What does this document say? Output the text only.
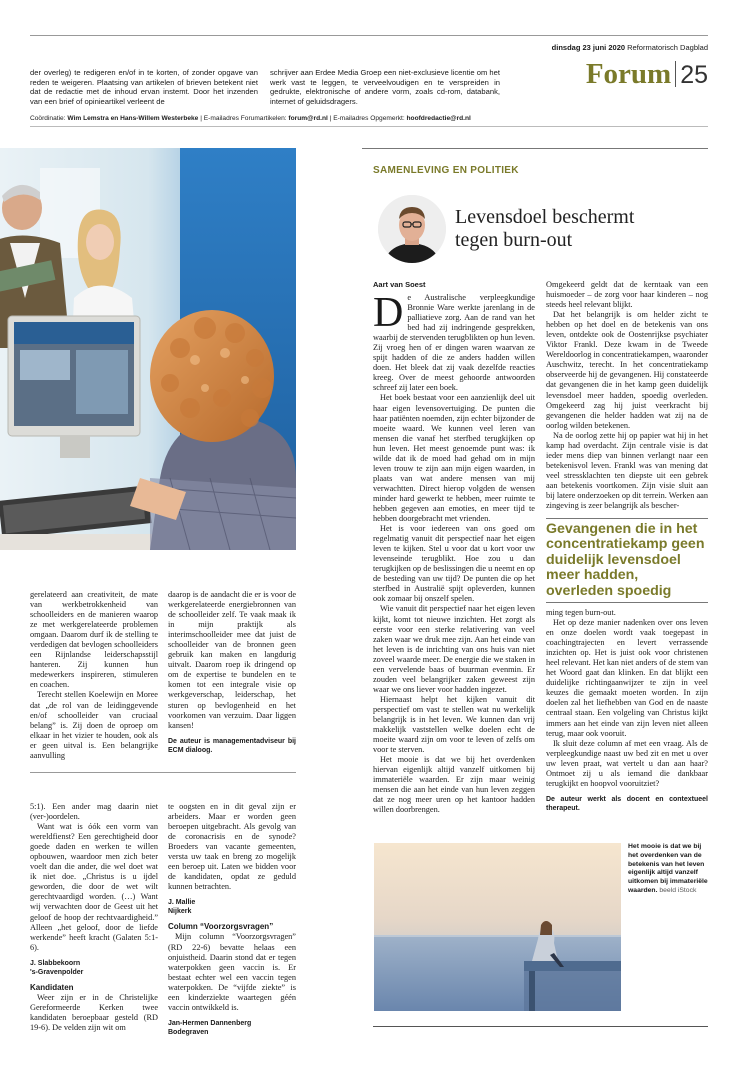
dinsdag 23 juni 2020 Reformatorisch Dagblad
Forum 25

der overleg) te redigeren en/of in te korten, of zonder opgave van reden te weigeren. Plaatsing van artikelen of brieven betekent niet dat de redactie met de inhoud ervan instemt. Door het inzenden van een brief of opinieartikel verleent de

schrijver aan Erdee Media Groep een niet-exclusieve licentie om het werk vast te leggen, te verveelvoudigen en te verspreiden in gedrukte, elektronische of andere vorm, zoals cd-rom, databank, internet of geluidsdragers.

Coördinatie: Wim Lemstra en Hans-Willem Westerbeke | E-mailadres Forumartikelen: forum@rd.nl | E-mailadres Opgemerkt: hoofdredactie@rd.nl

gerelateerd aan creativiteit, de mate van werkbetrokkenheid van schoolleiders en de manieren waarop ze met werkgerelateerde problemen omgaan. Daarom durf ik de stelling te verdedigen dat bevlogen schoolleiders een Rijnlandse leiderschapsstijl hanteren. Zij kunnen hun medewerkers inspireren, stimuleren en coachen.

Terecht stellen Koelewijn en Moree dat „de rol van de leidinggevende en/of schoolleider van cruciaal belang” is. Zij doen de oproep om elkaar in het vizier te houden, ook als er geen uitval is. Een belangrijke aanvulling

daarop is de aandacht die er is voor de werkgerelateerde energiebronnen van de schoolleider zelf. Te vaak maak ik in mijn praktijk als interimschoolleider mee dat juist de schoolleider van de bronnen geen gebruik kan maken en langdurig uitvalt. Daarom roep ik dringend op om de expertise te bundelen en te komen tot een integrale visie op werkgeverschap, leiderschap, het sturen op bevlogenheid en het voorkomen van verzuim. Daar liggen kansen!

De auteur is managementadviseur bij ECM dialoog.

5:1). Een ander mag daarin niet (ver-)oordelen.

Want wat is óók een vorm van wereldfienst? Een gerechtigheid door goede daden en werken te willen opbouwen, waardoor men zich beter voelt dan die ander, die wel doet wat ik niet doe. „Christus is u ijdel geworden, die door de wet wilt gerechtvaardigd worden. (…) Want wij verwachten door de Geest uit het geloof de hoop der rechtvaardigheid.” Alleen „het geloof, door de liefde werkende” heeft kracht (Galaten 5:1-6).

J. Slabbekoorn
's-Gravenpolder
Kandidaten

Weer zijn er in de Christelijke Gereformeerde Kerken twee kandidaten beroepbaar gesteld (RD 19-6). De velden zijn wit om

te oogsten en in dit geval zijn er arbeiders. Maar er worden geen beroepen uitgebracht. Als gevolg van de coronacrisis en de synode? Broeders van vacante gemeenten, versta uw taak en breng zo mogelijk een beroep uit. Laten we bidden voor de kandidaten, opdat ze geduld kunnen betrachten.

J. Mallie
Nijkerk
Column “Voorzorgsvragen”

Mijn column “Voorzorgsvragen” (RD 22-6) bevatte helaas een onjuistheid. Daarin stond dat er tegen waterpokken geen vaccin is. Er bestaat echter wel een vaccin tegen waterpokken. De “vijfde ziekte” is een kinderziekte waartegen géén vaccin ontwikkeld is.

Jan-Hermen Dannenberg
Bodegraven
SAMENLEVING EN POLITIEK
Levensdoel beschermt
tegen burn-out
Aart van Soest
D e Australische verpleegkundige Bronnie Ware werkte jarenlang in de palliatieve zorg. Aan de rand van het bed had zij indringende gesprekken, waarbij de stervenden terugblikten op hun leven. Zij vroeg hen of er dingen waren waarvan ze spijt hadden of die ze anders hadden willen doen. Het bleek dat zij vaak dezelfde reacties kreeg. Over de meest gehoorde antwoorden schreef zij later een boek.

Het boek bestaat voor een aanzienlijk deel uit haar eigen levensovertuiging. De punten die haar patiënten noemden, zijn echter bijzonder de moeite waard. We kunnen veel leren van mensen die vanaf het sterfbed terugkijken op hun leven. Het meest genoemde punt was: ik wilde dat ik de moed had gehad om in mijn leven trouw te zijn aan mijn eigen waarden, in plaats van wat andere mensen van mij verwachtten. Direct hierop volgden de wensen minder hard gewerkt te hebben, meer ruimte te hebben gegeven aan emoties, en meer tijd te hebben doorgebracht met vrienden.

Het is voor iedereen van ons goed om regelmatig vanuit dit perspectief naar het eigen leven te kijken. Stel u voor dat u kort voor uw levenseinde terugblikt. Hoe zou u dan terugkijken op de beslissingen die u neemt en op de besteding van uw tijd? De punten die op het sterfbed in Australië spijt opleverden, kunnen ook zomaar bij onszelf spelen.

Wie vanuit dit perspectief naar het eigen leven kijkt, komt tot nieuwe inzichten. Het zorgt als eerste voor een sterke relativering van veel zaken waar we druk mee zijn. Aan het einde van het leven is de inrichting van ons huis van niet zoveel waarde meer. De energie die we staken in een vervelende baas of buurman evenmin. Er zouden veel belangrijker zaken geweest zijn waar we ons liever voor hadden ingezet.

Hiernaast helpt het kijken vanuit dit perspectief om vast te stellen wat nu werkelijk belangrijk is in het leven. We kunnen dan vrij makkelijk vaststellen welke doelen echt de moeite waard zijn om voor te leven of zelfs om voor te sterven.

Het mooie is dat we bij het overdenken hiervan eigenlijk altijd vanzelf uitkomen bij immateriële waarden. Er zijn maar weinig mensen die aan het einde van hun leven zeggen dat ze nog meer uren op het kantoor hadden willen doorbrengen.

Omgekeerd geldt dat de kerntaak van een huismoeder – de zorg voor haar kinderen – nog steeds heel relevant blijkt.

Dat het belangrijk is om helder zicht te hebben op het doel en de betekenis van ons leven, ontdekte ook de Oostenrijkse psychiater Viktor Frankl. Deze kwam in de Tweede Wereldoorlog in concentratiekampen, waaronder Auschwitz, terecht. In het concentratiekamp observeerde hij de gevangenen. Hij constateerde dat gevangenen die in het kamp geen duidelijk levensdoel meer hadden, spoedig overleden. Omgekeerd zag hij juist veerkracht bij gevangenen die helder hadden wat zij na de oorlog wilden betekenen.

Na de oorlog zette hij op papier wat hij in het kamp had overdacht. Zijn centrale visie is dat ieder mens diep van binnen verlangt naar een betekenisvol leven. Frankl was van mening dat veel stressklachten ten diepste uit een gebrek aan betekenis voortkomen. Zijn visie sluit aan bij latere onderzoeken op dit terrein. Werken aan zingeving is zeer belangrijk als bescher-

Gevangenen die in het concentratiekamp geen duidelijk levensdoel meer hadden, overleden spoedig

ming tegen burn-out.

Het op deze manier nadenken over ons leven en onze doelen wordt vaak toegepast in coachingtrajecten en levert verrassende inzichten op. Het is juist ook voor christenen heel relevant. Het kan niet anders of de stem van het Woord gaat dan klinken. En dat blijkt een duidelijke richtingaanwijzer te zijn in veel keuzes die gemaakt moeten worden. In zijn doelen zal het liefhebben van God en de naaste centraal staan. Een volgeling van Christus kijkt immers aan het einde van zijn leven niet alleen terug, maar ook vooruit.

Ik sluit deze column af met een vraag. Als de verpleegkundige naast uw bed zit en met u over uw leven praat, wat vertelt u dan aan haar? Ontmoet zij u als iemand die dankbaar terugkijkt en hoopvol vooruitziet?

De auteur werkt als docent en contextueel therapeut.
Het mooie is dat we bij het overdenken van de betekenis van het leven eigenlijk altijd vanzelf uitkomen bij immateriële waarden. beeld iStock
